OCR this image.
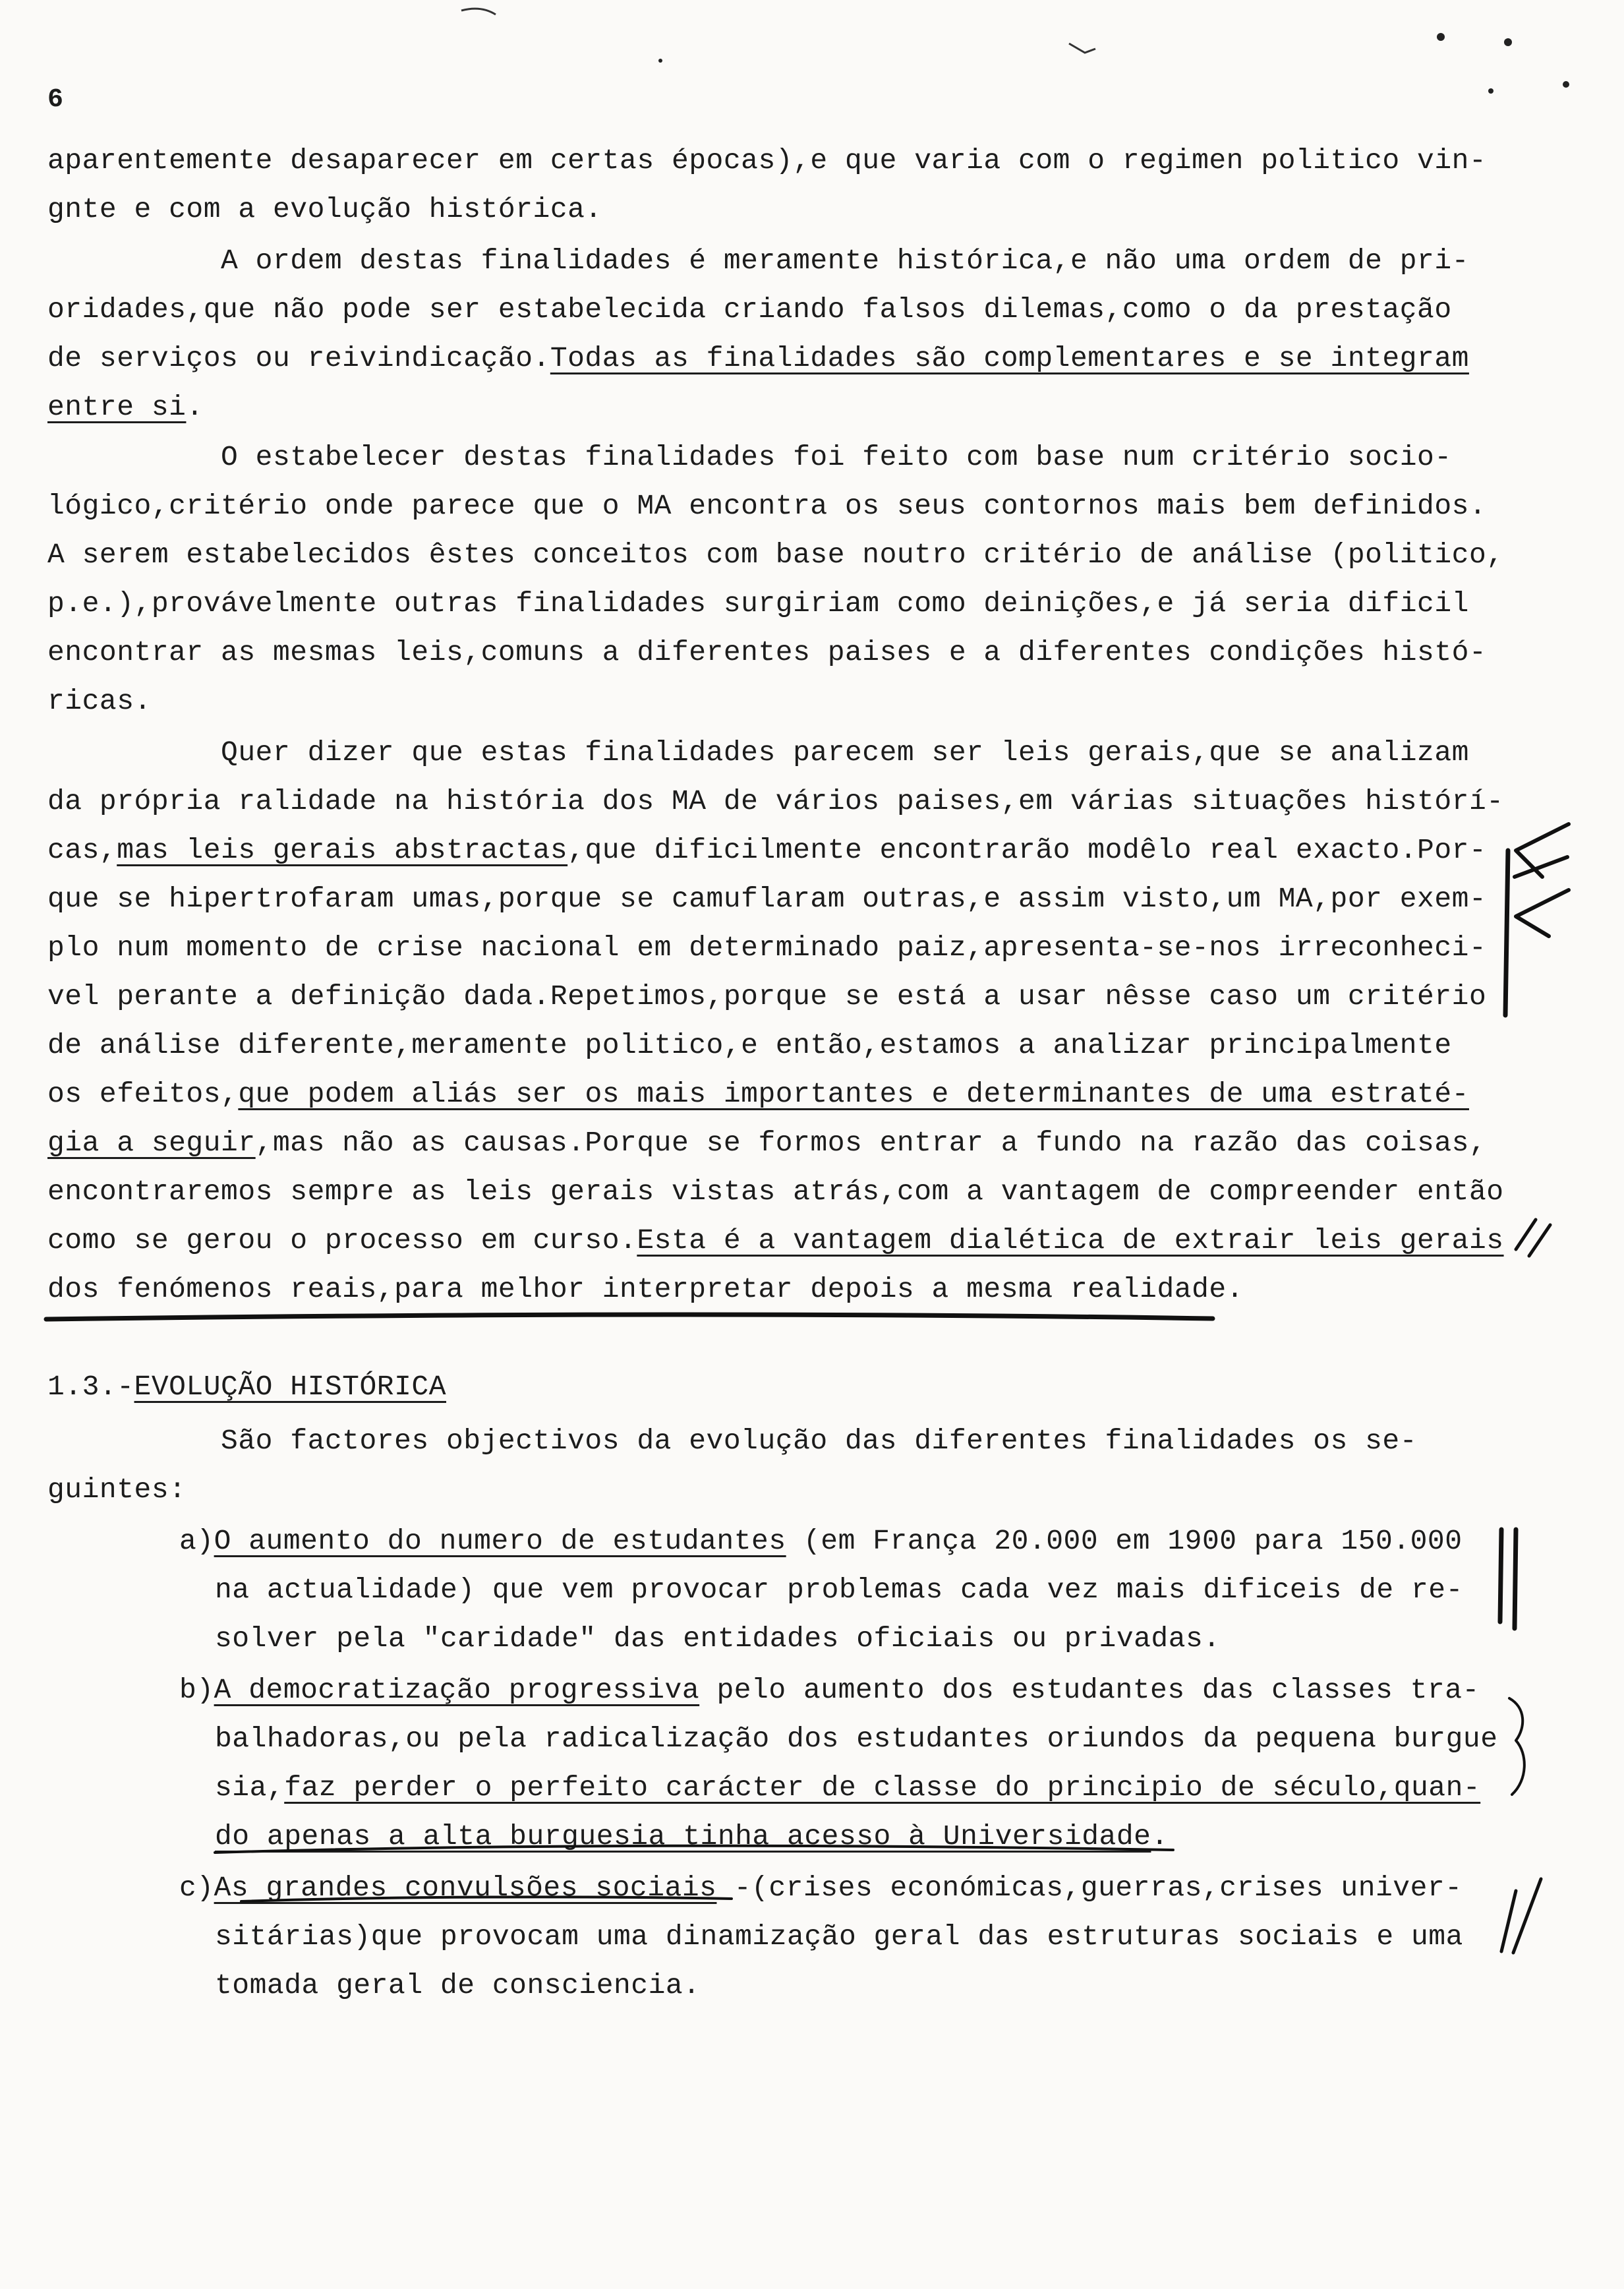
6
aparentemente desaparecer em certas épocas),e que varia com o regimen politico vin-
gnte e com a evolução histórica.
A ordem destas finalidades é meramente histórica,e não uma ordem de pri-
oridades,que não pode ser estabelecida criando falsos dilemas,como o da prestação
de serviços ou reivindicação.Todas as finalidades são complementares e se integram
entre si.
O estabelecer destas finalidades foi feito com base num critério socio-
lógico,critério onde parece que o MA encontra os seus contornos mais bem definidos.
A serem estabelecidos êstes conceitos com base noutro critério de análise (politico,
p.e.),provávelmente outras finalidades surgiriam como deinições,e já seria dificil
encontrar as mesmas leis,comuns a diferentes paises e a diferentes condições histó-
ricas.
Quer dizer que estas finalidades parecem ser leis gerais,que se analizam
da própria ralidade na história dos MA de vários paises,em várias situações histórí-
cas,mas leis gerais abstractas,que dificilmente encontrarão modêlo real exacto.Por-
que se hipertrofaram umas,porque se camuflaram outras,e assim visto,um MA,por exem-
plo num momento de crise nacional em determinado paiz,apresenta-se-nos irreconheci-
vel perante a definição dada.Repetimos,porque se está a usar nêsse caso um critério
de análise diferente,meramente politico,e então,estamos a analizar principalmente
os efeitos,que podem aliás ser os mais importantes e determinantes de uma estraté-
gia a seguir,mas não as causas.Porque se formos entrar a fundo na razão das coisas,
encontraremos sempre as leis gerais vistas atrás,com a vantagem de compreender então
como se gerou o processo em curso.Esta é a vantagem dialética de extrair leis gerais
dos fenómenos reais,para melhor interpretar depois a mesma realidade.
1.3.-EVOLUÇÃO HISTÓRICA
São factores objectivos da evolução das diferentes finalidades os se-
guintes:
a)O aumento do numero de estudantes (em França 20.000 em 1900 para 150.000
na actualidade) que vem provocar problemas cada vez mais dificeis de re-
solver pela "caridade" das entidades oficiais ou privadas.
b)A democratização progressiva pelo aumento dos estudantes das classes tra-
balhadoras,ou pela radicalização dos estudantes oriundos da pequena burgue
sia,faz perder o perfeito carácter de classe do principio de século,quan-
do apenas a alta burguesia tinha acesso à Universidade.
c)As grandes convulsões sociais -(crises económicas,guerras,crises univer-
sitárias)que provocam uma dinamização geral das estruturas sociais e uma
tomada geral de consciencia.
